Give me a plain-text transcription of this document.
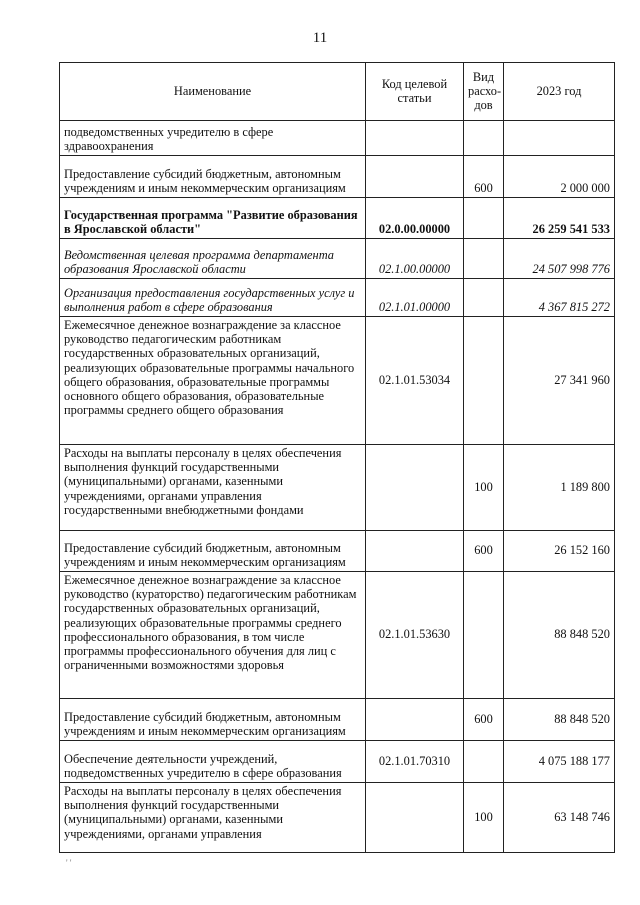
11
Наименование	Код целевой статьи	Вид расхо-дов	2023 год
подведомственных учредителю в сфере здравоохранения			
Предоставление субсидий бюджетным, автономным учреждениям и иным некоммерческим организациям		600	2 000 000
Государственная программа "Развитие образования в Ярославской области"	02.0.00.00000		26 259 541 533
Ведомственная целевая программа департамента образования Ярославской области	02.1.00.00000		24 507 998 776
Организация предоставления государственных услуг и выполнения работ в сфере образования	02.1.01.00000		4 367 815 272
Ежемесячное денежное вознаграждение за классное руководство педагогическим работникам государственных образовательных организаций, реализующих образовательные программы начального общего образования, образовательные программы основного общего образования, образовательные программы среднего общего образования	02.1.01.53034		27 341 960
Расходы на выплаты персоналу в целях обеспечения выполнения функций государственными (муниципальными) органами, казенными учреждениями, органами управления государственными внебюджетными фондами		100	1 189 800
Предоставление субсидий бюджетным, автономным учреждениям и иным некоммерческим организациям		600	26 152 160
Ежемесячное денежное вознаграждение за классное руководство (кураторство) педагогическим работникам государственных образовательных организаций, реализующих образовательные программы среднего профессионального образования, в том числе программы профессионального обучения для лиц с ограниченными возможностями здоровья	02.1.01.53630		88 848 520
Предоставление субсидий бюджетным, автономным учреждениям и иным некоммерческим организациям		600	88 848 520
Обеспечение деятельности учреждений, подведомственных учредителю в сфере образования	02.1.01.70310		4 075 188 177
Расходы на выплаты персоналу в целях обеспечения выполнения функций государственными (муниципальными) органами, казенными учреждениями, органами управления		100	63 148 746
' '
